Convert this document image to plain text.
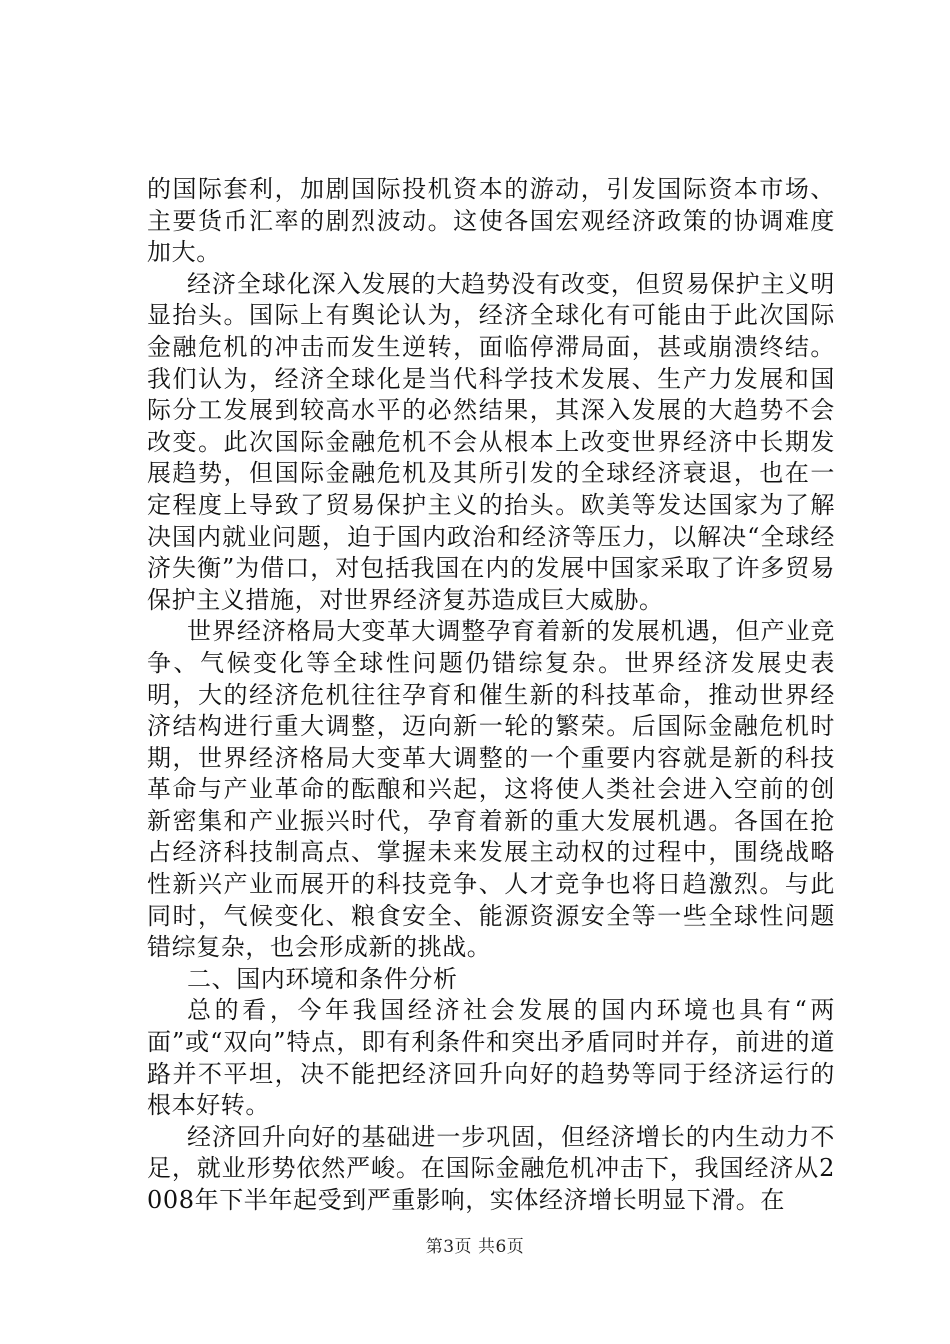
的国际套利，加剧国际投机资本的游动，引发国际资本市场、主要货币汇率的剧烈波动。这使各国宏观经济政策的协调难度加大。

经济全球化深入发展的大趋势没有改变，但贸易保护主义明显抬头。国际上有舆论认为，经济全球化有可能由于此次国际金融危机的冲击而发生逆转，面临停滞局面，甚或崩溃终结。我们认为，经济全球化是当代科学技术发展、生产力发展和国际分工发展到较高水平的必然结果，其深入发展的大趋势不会改变。此次国际金融危机不会从根本上改变世界经济中长期发展趋势，但国际金融危机及其所引发的全球经济衰退，也在一定程度上导致了贸易保护主义的抬头。欧美等发达国家为了解决国内就业问题，迫于国内政治和经济等压力，以解决“全球经济失衡”为借口，对包括我国在内的发展中国家采取了许多贸易保护主义措施，对世界经济复苏造成巨大威胁。

世界经济格局大变革大调整孕育着新的发展机遇，但产业竞争、气候变化等全球性问题仍错综复杂。世界经济发展史表明，大的经济危机往往孕育和催生新的科技革命，推动世界经济结构进行重大调整，迈向新一轮的繁荣。后国际金融危机时期，世界经济格局大变革大调整的一个重要内容就是新的科技革命与产业革命的酝酿和兴起，这将使人类社会进入空前的创新密集和产业振兴时代，孕育着新的重大发展机遇。各国在抢占经济科技制高点、掌握未来发展主动权的过程中，围绕战略性新兴产业而展开的科技竞争、人才竞争也将日趋激烈。与此同时，气候变化、粮食安全、能源资源安全等一些全球性问题错综复杂，也会形成新的挑战。

二、国内环境和条件分析

总的看，今年我国经济社会发展的国内环境也具有“两面”或“双向”特点，即有利条件和突出矛盾同时并存，前进的道路并不平坦，决不能把经济回升向好的趋势等同于经济运行的根本好转。

经济回升向好的基础进一步巩固，但经济增长的内生动力不足，就业形势依然严峻。在国际金融危机冲击下，我国经济从2008年下半年起受到严重影响，实体经济增长明显下滑。在

第3页 共6页
